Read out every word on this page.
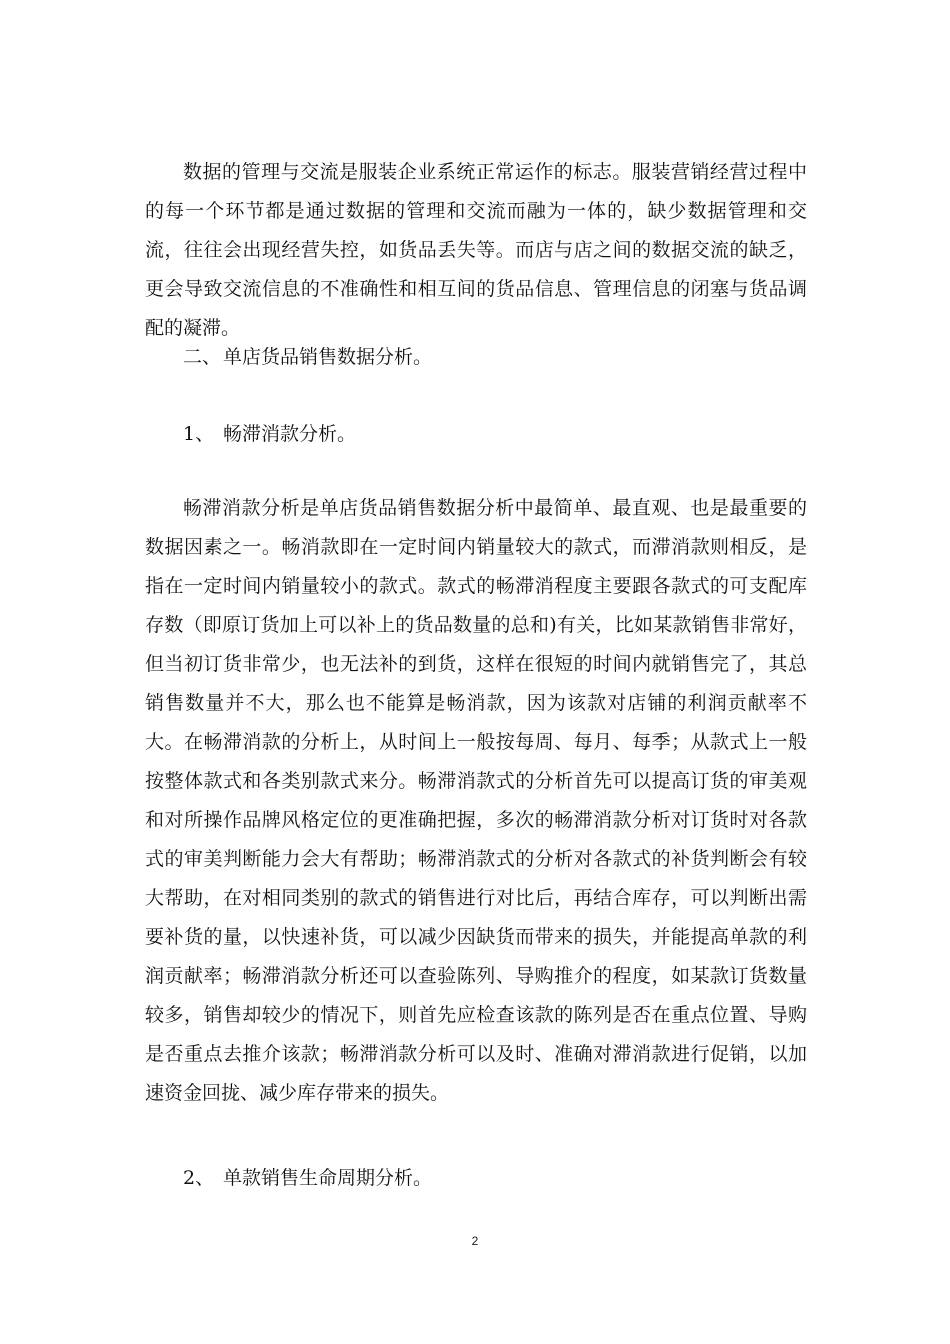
数据的管理与交流是服装企业系统正常运作的标志。服装营销经营过程中的每一个环节都是通过数据的管理和交流而融为一体的，缺少数据管理和交流，往往会出现经营失控，如货品丢失等。而店与店之间的数据交流的缺乏，更会导致交流信息的不准确性和相互间的货品信息、管理信息的闭塞与货品调配的凝滞。

二、 单店货品销售数据分析。

1、 畅滞消款分析。

畅滞消款分析是单店货品销售数据分析中最简单、最直观、也是最重要的数据因素之一。畅消款即在一定时间内销量较大的款式，而滞消款则相反，是指在一定时间内销量较小的款式。款式的畅滞消程度主要跟各款式的可支配库存数（即原订货加上可以补上的货品数量的总和)有关，比如某款销售非常好，但当初订货非常少，也无法补的到货，这样在很短的时间内就销售完了，其总销售数量并不大，那么也不能算是畅消款，因为该款对店铺的利润贡献率不大。在畅滞消款的分析上，从时间上一般按每周、每月、每季；从款式上一般按整体款式和各类别款式来分。畅滞消款式的分析首先可以提高订货的审美观和对所操作品牌风格定位的更准确把握，多次的畅滞消款分析对订货时对各款式的审美判断能力会大有帮助；畅滞消款式的分析对各款式的补货判断会有较大帮助，在对相同类别的款式的销售进行对比后，再结合库存，可以判断出需要补货的量，以快速补货，可以减少因缺货而带来的损失，并能提高单款的利润贡献率；畅滞消款分析还可以查验陈列、导购推介的程度，如某款订货数量较多，销售却较少的情况下，则首先应检查该款的陈列是否在重点位置、导购是否重点去推介该款；畅滞消款分析可以及时、准确对滞消款进行促销，以加速资金回拢、减少库存带来的损失。

2、 单款销售生命周期分析。

2
